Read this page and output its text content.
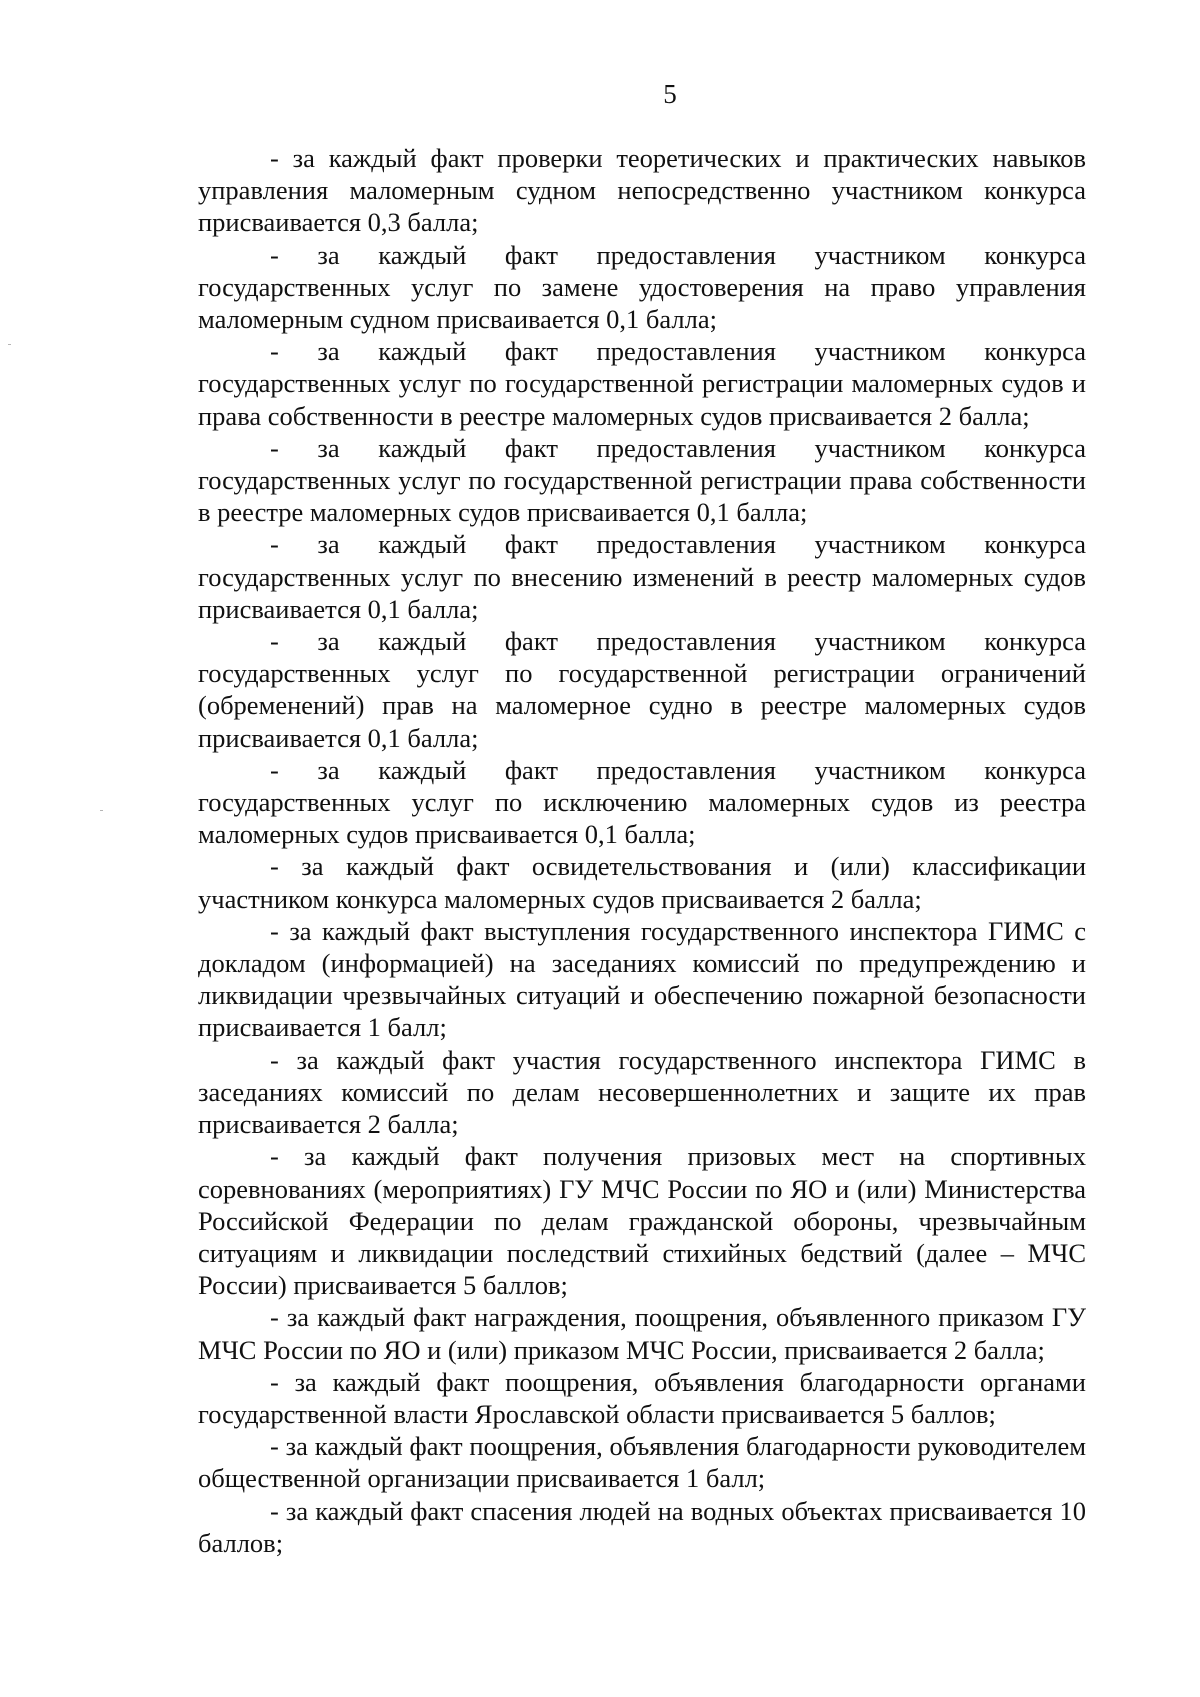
5

- за каждый факт проверки теоретических и практических навыков управления маломерным судном непосредственно участником конкурса присваивается 0,3 балла;

- за каждый факт предоставления участником конкурса государственных услуг по замене удостоверения на право управления маломерным судном присваивается 0,1 балла;

- за каждый факт предоставления участником конкурса государственных услуг по государственной регистрации маломерных судов и права собственности в реестре маломерных судов присваивается 2 балла;

- за каждый факт предоставления участником конкурса государственных услуг по государственной регистрации права собственности в реестре маломерных судов присваивается 0,1 балла;

- за каждый факт предоставления участником конкурса государственных услуг по внесению изменений в реестр маломерных судов присваивается 0,1 балла;

- за каждый факт предоставления участником конкурса государственных услуг по государственной регистрации ограничений (обременений) прав на маломерное судно в реестре маломерных судов присваивается 0,1 балла;

- за каждый факт предоставления участником конкурса государственных услуг по исключению маломерных судов из реестра маломерных судов присваивается 0,1 балла;

- за каждый факт освидетельствования и (или) классификации участником конкурса маломерных судов присваивается 2 балла;

- за каждый факт выступления государственного инспектора ГИМС с докладом (информацией) на заседаниях комиссий по предупреждению и ликвидации чрезвычайных ситуаций и обеспечению пожарной безопасности присваивается 1 балл;

- за каждый факт участия государственного инспектора ГИМС в заседаниях комиссий по делам несовершеннолетних и защите их прав присваивается 2 балла;

- за каждый факт получения призовых мест на спортивных соревнованиях (мероприятиях) ГУ МЧС России по ЯО и (или) Министерства Российской Федерации по делам гражданской обороны, чрезвычайным ситуациям и ликвидации последствий стихийных бедствий (далее – МЧС России) присваивается 5 баллов;

- за каждый факт награждения, поощрения, объявленного приказом ГУ МЧС России по ЯО и (или) приказом МЧС России, присваивается 2 балла;

- за каждый факт поощрения, объявления благодарности органами государственной власти Ярославской области присваивается 5 баллов;

- за каждый факт поощрения, объявления благодарности руководителем общественной организации присваивается 1 балл;

- за каждый факт спасения людей на водных объектах присваивается 10 баллов;
